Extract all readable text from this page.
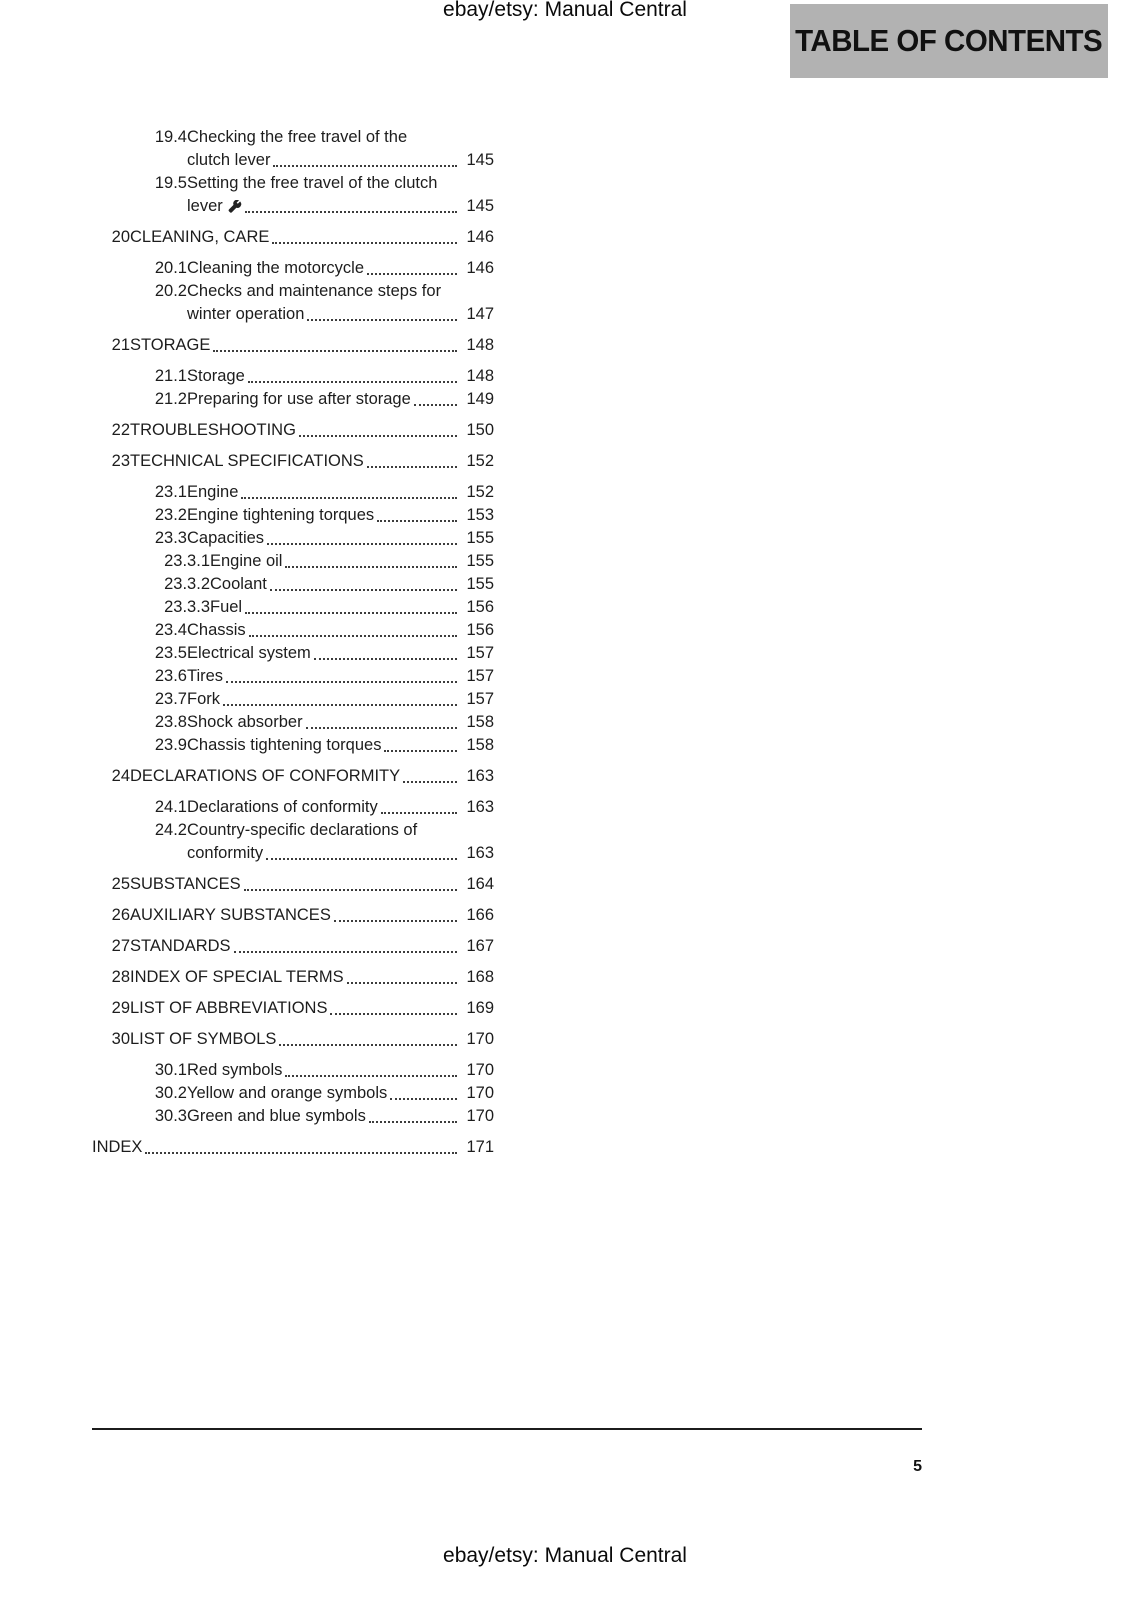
ebay/etsy: Manual Central
TABLE OF CONTENTS
19.4 Checking the free travel of the
clutch lever	145
19.5 Setting the free travel of the clutch
lever	145
20 CLEANING, CARE	146
20.1 Cleaning the motorcycle	146
20.2 Checks and maintenance steps for
winter operation	147
21 STORAGE	148
21.1 Storage	148
21.2 Preparing for use after storage	149
22 TROUBLESHOOTING	150
23 TECHNICAL SPECIFICATIONS	152
23.1 Engine	152
23.2 Engine tightening torques	153
23.3 Capacities	155
23.3.1 Engine oil	155
23.3.2 Coolant	155
23.3.3 Fuel	156
23.4 Chassis	156
23.5 Electrical system	157
23.6 Tires	157
23.7 Fork	157
23.8 Shock absorber	158
23.9 Chassis tightening torques	158
24 DECLARATIONS OF CONFORMITY	163
24.1 Declarations of conformity	163
24.2 Country-specific declarations of
conformity	163
25 SUBSTANCES	164
26 AUXILIARY SUBSTANCES	166
27 STANDARDS	167
28 INDEX OF SPECIAL TERMS	168
29 LIST OF ABBREVIATIONS	169
30 LIST OF SYMBOLS	170
30.1 Red symbols	170
30.2 Yellow and orange symbols	170
30.3 Green and blue symbols	170
INDEX	171
5
ebay/etsy: Manual Central
